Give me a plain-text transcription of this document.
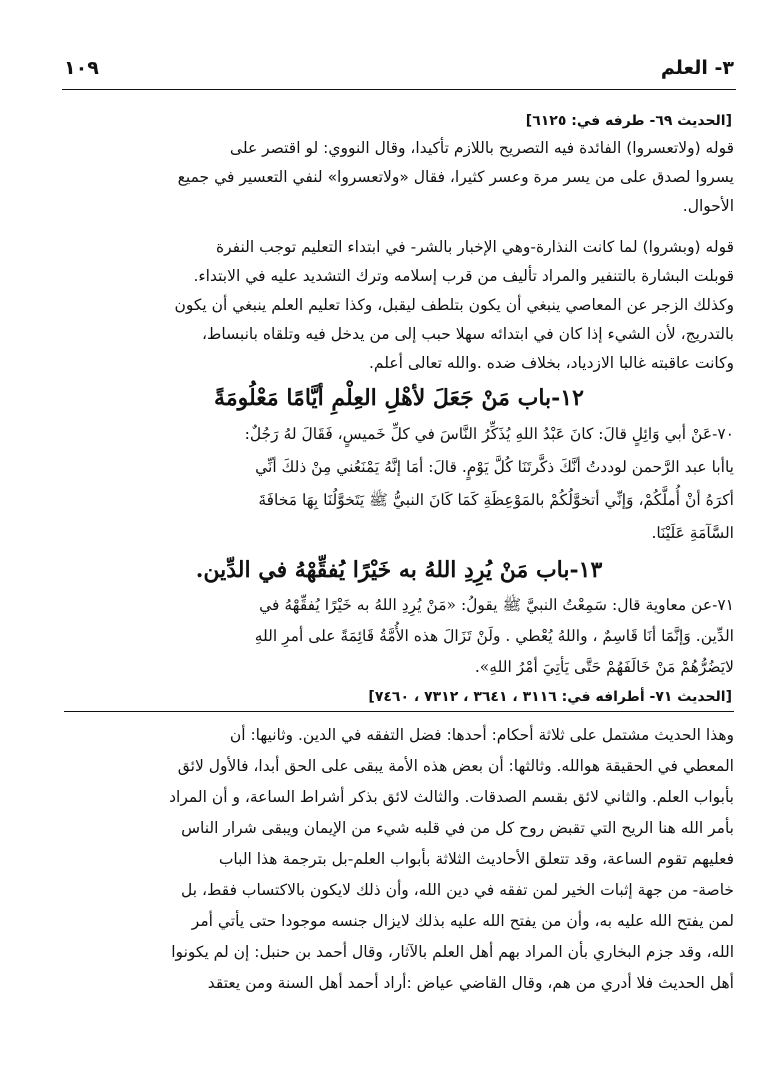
٣- العلم
١٠٩
[الحديث ٦٩- طرفه في: ٦١٢٥]
قوله (ولاتعسروا) الفائدة فيه التصريح باللازم تأكيدا، وقال النووي: لو اقتصر على
يسروا لصدق على من يسر مرة وعسر كثيرا، فقال «ولاتعسروا» لنفي التعسير في جميع
الأحوال.
قوله (وبشروا) لما كانت النذارة-وهي الإخبار بالشر- في ابتداء التعليم توجب النفرة
قوبلت البشارة بالتنفير والمراد تأليف من قرب إسلامه وترك التشديد عليه في الابتداء.
وكذلك الزجر عن المعاصي ينبغي أن يكون بتلطف ليقبل، وكذا تعليم العلم ينبغي أن يكون
بالتدريج، لأن الشيء إذا كان في ابتدائه سهلا حبب إلى من يدخل فيه وتلقاه بانبساط،
وكانت عاقبته غالبا الازدياد، بخلاف ضده .والله تعالى أعلم.
١٢-باب مَنْ جَعَلَ لأهْلِ العِلْمِ أيَّامًا مَعْلُومَةً
٧٠-عَنْ أبي وَائِلٍ قالَ: كانَ عَبْدُ اللهِ يُذَكِّرُ النَّاسَ في كلِّ خَميسٍ، فَقَالَ لهُ رَجُلٌ:
ياأبا عبد الرَّحمن لوددتُ أنَّكَ ذكَّرتَنَا كُلَّ يَوْمٍ. قالَ: أمَا إنَّهُ يَمْنَعُني مِنْ ذلكَ أنِّي
أكرَهُ أنْ أُملَّكُمْ، وَإنِّي أتخوَّلُكُمْ بالمَوْعِظَةِ كَمَا كَانَ النبيُّ ﷺ يَتَخوَّلُنَا بِهَا مَخافَةَ
السَّآمَةِ عَلَيْنَا.
١٣-باب مَنْ يُرِدِ اللهُ به خَيْرًا يُفقِّهْهُ في الدِّين.
٧١-عن معاوية قال: سَمِعْتُ النبيَّ ﷺ يقولُ: «مَنْ يُرِدِ اللهُ به خَيْرًا يُفقِّهْهُ في
الدِّين. وَإنَّمَا أنَا قَاسِمٌ ، واللهُ يُعْطي . ولَنْ تَزَالَ هذه الأُمَّةُ قَائِمَةً على أمرِ اللهِ
لايَضُرُّهُمْ مَنْ خَالَفَهُمْ حَتَّى يَأتِيَ أمْرُ اللهِ».
[الحديث ٧١- أطرافه في: ٣١١٦ ، ٣٦٤١ ، ٧٣١٢ ، ٧٤٦٠]
وهذا الحديث مشتمل على ثلاثة أحكام: أحدها: فضل التفقه في الدين. وثانيها: أن
المعطي في الحقيقة هوالله. وثالثها: أن بعض هذه الأمة يبقى على الحق أبدا، فالأول لائق
بأبواب العلم. والثاني لائق بقسم الصدقات. والثالث لائق بذكر أشراط الساعة، و أن المراد
بأمر الله هنا الريح التي تقبض روح كل من في قلبه شيء من الإيمان ويبقى شرار الناس
فعليهم تقوم الساعة، وقد تتعلق الأحاديث الثلاثة بأبواب العلم-بل بترجمة هذا الباب
خاصة- من جهة إثبات الخير لمن تفقه في دين الله، وأن ذلك لايكون بالاكتساب فقط، بل
لمن يفتح الله عليه به، وأن من يفتح الله عليه بذلك لايزال جنسه موجودا حتى يأتي أمر
الله، وقد جزم البخاري بأن المراد بهم أهل العلم بالآثار، وقال أحمد بن حنبل: إن لم يكونوا
أهل الحديث فلا أدري من هم، وقال القاضي عياض :أراد أحمد أهل السنة ومن يعتقد
